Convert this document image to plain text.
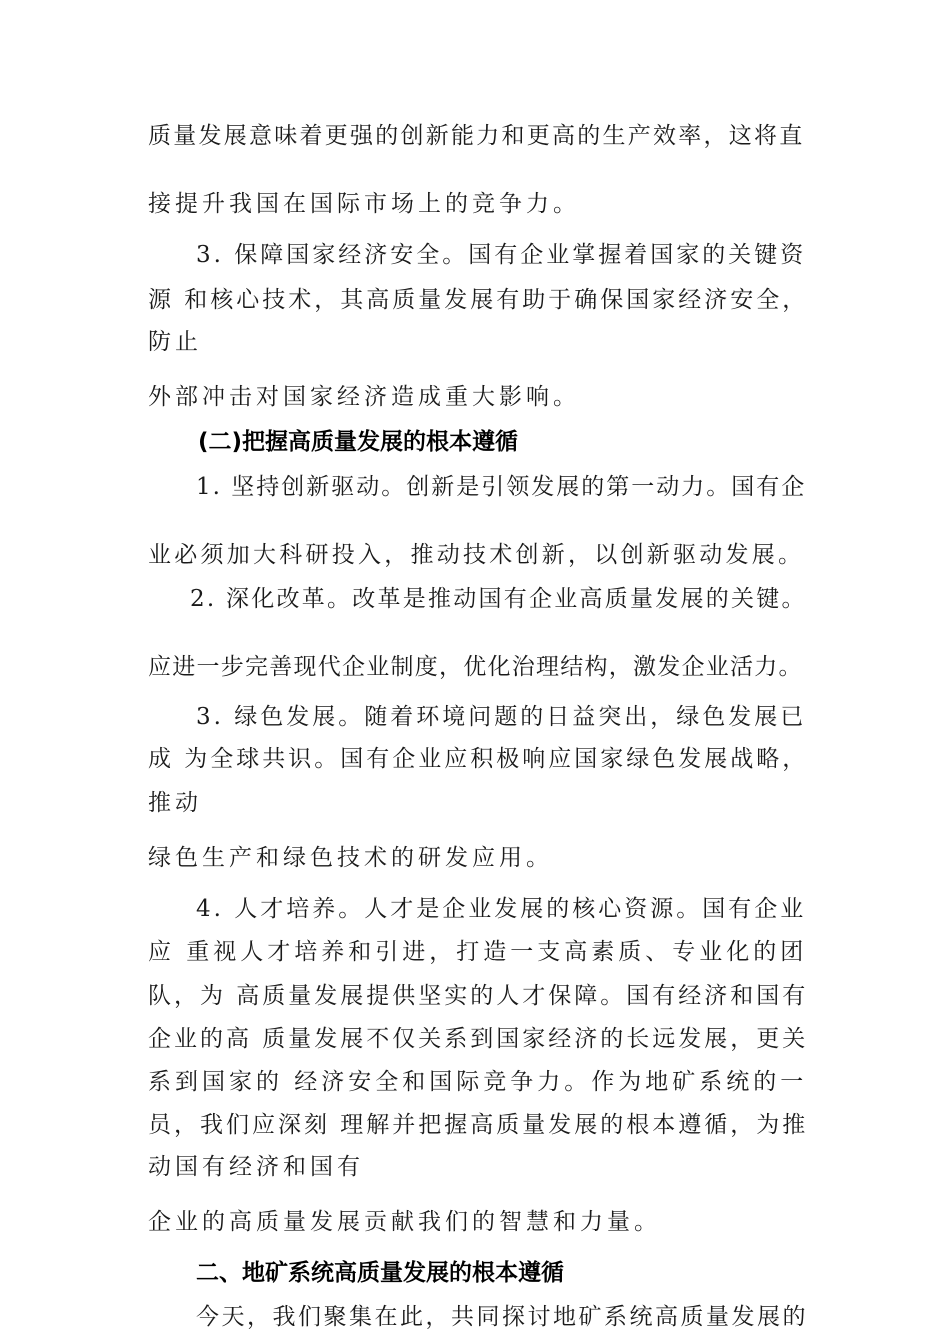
质量发展意味着更强的创新能力和更高的生产效率，这将直
接提升我国在国际市场上的竞争力。
3. 保障国家经济安全。国有企业掌握着国家的关键资
源 和核心技术，其高质量发展有助于确保国家经济安全，
防止
外部冲击对国家经济造成重大影响。
(二)把握高质量发展的根本遵循
1. 坚持创新驱动。创新是引领发展的第一动力。国有企
业必须加大科研投入，推动技术创新，以创新驱动发展。
2. 深化改革。改革是推动国有企业高质量发展的关键。
应进一步完善现代企业制度，优化治理结构，激发企业活力。
3. 绿色发展。随着环境问题的日益突出，绿色发展已
成 为全球共识。国有企业应积极响应国家绿色发展战略，
推动
绿色生产和绿色技术的研发应用。
4. 人才培养。人才是企业发展的核心资源。国有企业
应 重视人才培养和引进，打造一支高素质、专业化的团
队，为 高质量发展提供坚实的人才保障。国有经济和国有
企业的高 质量发展不仅关系到国家经济的长远发展，更关
系到国家的 经济安全和国际竞争力。作为地矿系统的一
员，我们应深刻 理解并把握高质量发展的根本遵循，为推
动国有经济和国有
企业的高质量发展贡献我们的智慧和力量。
二、地矿系统高质量发展的根本遵循
今天，我们聚集在此，共同探讨地矿系统高质量发展的
